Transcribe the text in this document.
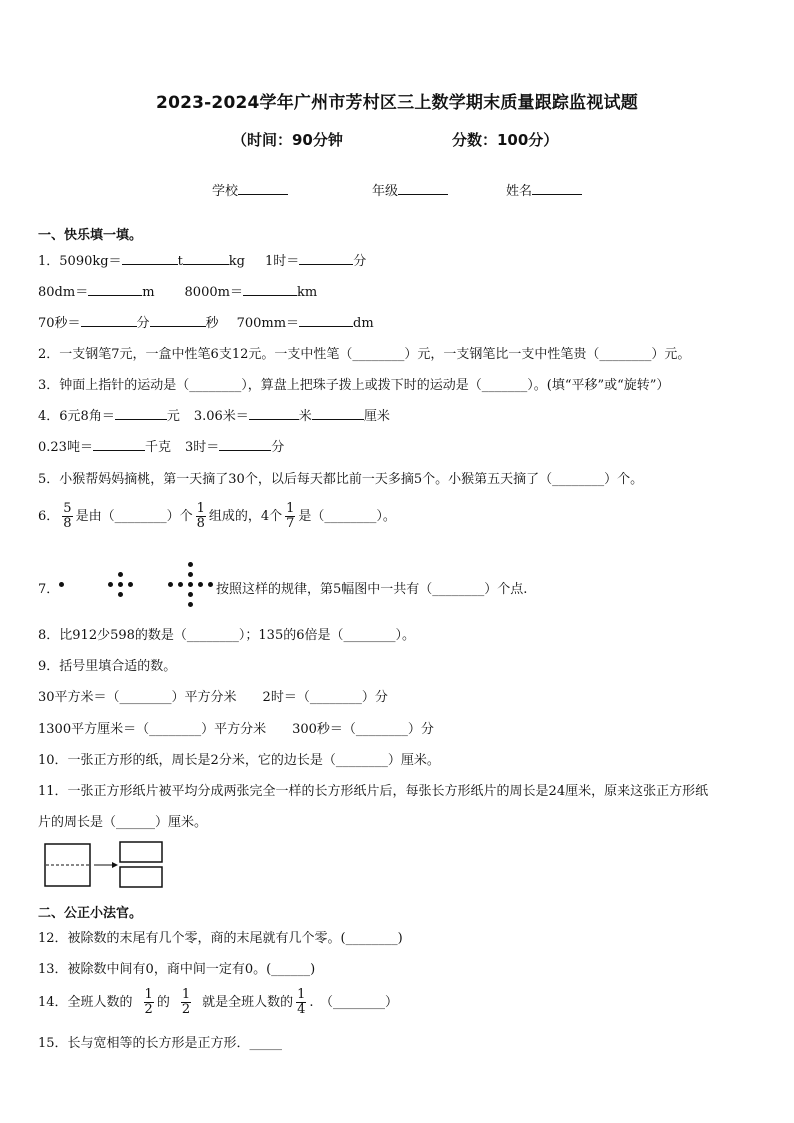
2023-2024学年广州市芳村区三上数学期末质量跟踪监视试题
（时间：90分钟	分数：100分）
学校	年级	姓名
一、快乐填一填。
1．5090kg＝	t	kg 1时＝	分
80dm＝	m 8000m＝	km
70秒＝	分	秒 700mm＝	dm
2．一支钢笔7元，一盒中性笔6支12元。一支中性笔（________）元，一支钢笔比一支中性笔贵（________）元。
3．钟面上指针的运动是（________），算盘上把珠子拨上或拨下时的运动是（_______）。(填“平移”或“旋转”）
4．6元8角＝	元 3.06米＝	米	厘米
0.23吨＝	千克 3时＝	分
5．小猴帮妈妈摘桃，第一天摘了30个，以后每天都比前一天多摘5个。小猴第五天摘了（________）个。
6． $\frac{5}{8}$ 是由（________）个 $\frac{1}{8}$ 组成的，4个 $\frac{1}{7}$ 是（________）。
7．	按照这样的规律，第5幅图中一共有（________）个点.
8．比912少598的数是（________）；135的6倍是（________）。
9．括号里填合适的数。
30平方米＝（________）平方分米 2时＝（________）分
1300平方厘米＝（________）平方分米 300秒＝（________）分
10．一张正方形的纸，周长是2分米，它的边长是（________）厘米。
11．一张正方形纸片被平均分成两张完全一样的长方形纸片后，每张长方形纸片的周长是24厘米，原来这张正方形纸
片的周长是（______）厘米。
二、公正小法官。
12．被除数的末尾有几个零，商的末尾就有几个零。(________)
13．被除数中间有0，商中间一定有0。(______)
14．全班人数的 $\frac{1}{2}$ 的 $\frac{1}{2}$ 就是全班人数的 $\frac{1}{4}$ .　（________）
15．长与宽相等的长方形是正方形．_____
